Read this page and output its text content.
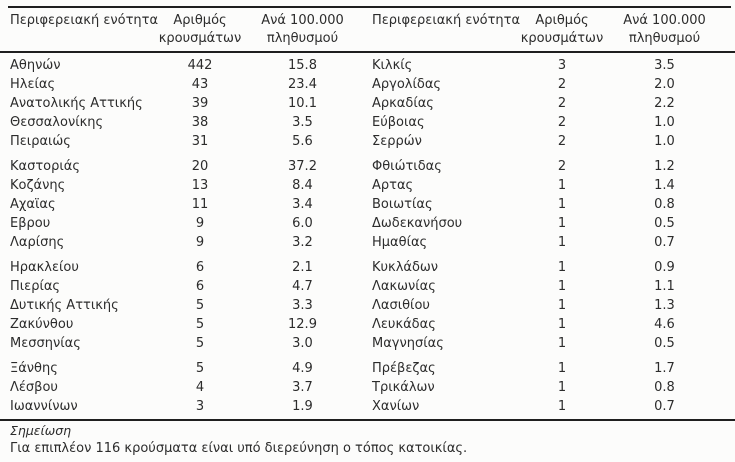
Περιφερειακή ενότητα	Αριθμός κρουσμάτων	Ανά 100.000 πληθυσμού
Αθηνών	442	15.8
Ηλείας	43	23.4
Ανατολικής Αττικής	39	10.1
Θεσσαλονίκης	38	3.5
Πειραιώς	31	5.6
Καστοριάς	20	37.2
Κοζάνης	13	8.4
Αχαϊας	11	3.4
Εβρου	9	6.0
Λαρίσης	9	3.2
Ηρακλείου	6	2.1
Πιερίας	6	4.7
Δυτικής Αττικής	5	3.3
Ζακύνθου	5	12.9
Μεσσηνίας	5	3.0
Ξάνθης	5	4.9
Λέσβου	4	3.7
Ιωαννίνων	3	1.9
Περιφερειακή ενότητα	Αριθμός κρουσμάτων	Ανά 100.000 πληθυσμού
Κιλκίς	3	3.5
Αργολίδας	2	2.0
Αρκαδίας	2	2.2
Εύβοιας	2	1.0
Σερρών	2	1.0
Φθιώτιδας	2	1.2
Αρτας	1	1.4
Βοιωτίας	1	0.8
Δωδεκανήσου	1	0.5
Ημαθίας	1	0.7
Κυκλάδων	1	0.9
Λακωνίας	1	1.1
Λασιθίου	1	1.3
Λευκάδας	1	4.6
Μαγνησίας	1	0.5
Πρέβεζας	1	1.7
Τρικάλων	1	0.8
Χανίων	1	0.7
Σημείωση
Για επιπλέον 116 κρούσματα είναι υπό διερεύνηση ο τόπος κατοικίας.
